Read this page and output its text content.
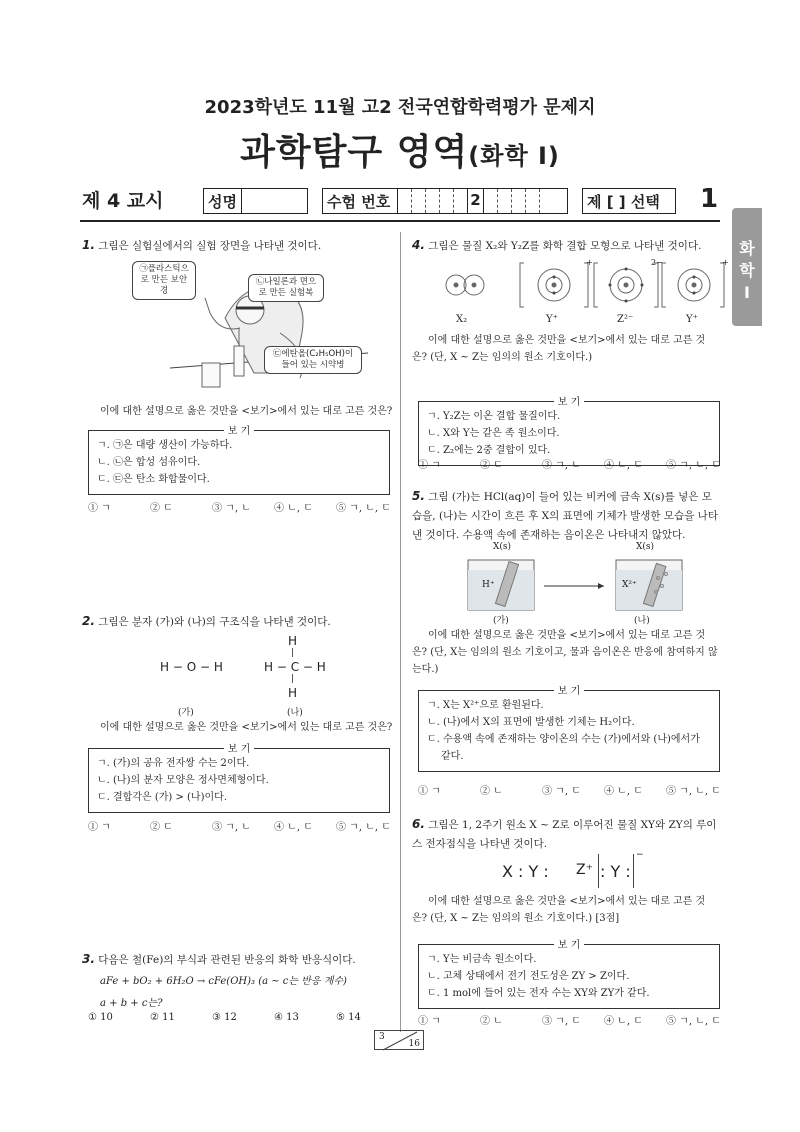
2023학년도 11월 고2 전국연합학력평가 문제지
과학탐구 영역(화학 I)
제 4 교시	성명	수험 번호	2	제 [ ] 선택	1
화
학
I
1. 그림은 실험실에서의 실험 장면을 나타낸 것이다.
㉠플라스틱으로 만든 보안경
㉡나일론과 면으로 만든 실험복
㉢에탄올(C₂H₅OH)이 들어 있는 시약병
이에 대한 설명으로 옳은 것만을 <보기>에서 있는 대로 고른 것은?
보 기
ㄱ. ㉠은 대량 생산이 가능하다.
ㄴ. ㉡은 합성 섬유이다.
ㄷ. ㉢은 탄소 화합물이다.
① ㄱ	② ㄷ	③ ㄱ, ㄴ	④ ㄴ, ㄷ	⑤ ㄱ, ㄴ, ㄷ
2. 그림은 분자 (가)와 (나)의 구조식을 나타낸 것이다.
H − O − H
H
|
H − C − H
|
H
(가)	(나)
이에 대한 설명으로 옳은 것만을 <보기>에서 있는 대로 고른 것은?
보 기
ㄱ. (가)의 공유 전자쌍 수는 2이다.
ㄴ. (나)의 분자 모양은 정사면체형이다.
ㄷ. 결합각은 (가) > (나)이다.
① ㄱ	② ㄷ	③ ㄱ, ㄴ	④ ㄴ, ㄷ	⑤ ㄱ, ㄴ, ㄷ
3. 다음은 철(Fe)의 부식과 관련된 반응의 화학 반응식이다.
aFe + bO₂ + 6H₂O → cFe(OH)₃ (a ~ c는 반응 계수)
a + b + c는?
① 10	② 11	③ 12	④ 13	⑤ 14
4. 그림은 물질 X₂와 Y₂Z를 화학 결합 모형으로 나타낸 것이다.
+	2−	+
X₂	Y⁺	Z²⁻	Y⁺
이에 대한 설명으로 옳은 것만을 <보기>에서 있는 대로 고른 것은? (단, X ~ Z는 임의의 원소 기호이다.)
보 기
ㄱ. Y₂Z는 이온 결합 물질이다.
ㄴ. X와 Y는 같은 족 원소이다.
ㄷ. Z₂에는 2중 결합이 있다.
① ㄱ	② ㄷ	③ ㄱ, ㄴ	④ ㄴ, ㄷ	⑤ ㄱ, ㄴ, ㄷ
5. 그림 (가)는 HCl(aq)이 들어 있는 비커에 금속 X(s)를 넣은 모습을, (나)는 시간이 흐른 후 X의 표면에 기체가 발생한 모습을 나타낸 것이다. 수용액 속에 존재하는 음이온은 나타내지 않았다.
X(s)	X(s)
H⁺	X²⁺
(가)	(나)
이에 대한 설명으로 옳은 것만을 <보기>에서 있는 대로 고른 것은? (단, X는 임의의 원소 기호이고, 물과 음이온은 반응에 참여하지 않는다.)
보 기
ㄱ. X는 X²⁺으로 환원된다.
ㄴ. (나)에서 X의 표면에 발생한 기체는 H₂이다.
ㄷ. 수용액 속에 존재하는 양이온의 수는 (가)에서와 (나)에서가
같다.
① ㄱ	② ㄴ	③ ㄱ, ㄷ	④ ㄴ, ㄷ	⑤ ㄱ, ㄴ, ㄷ
6. 그림은 1, 2주기 원소 X ~ Z로 이루어진 물질 XY와 ZY의 루이스 전자점식을 나타낸 것이다.
X : Y : Z⁺ : Y :
−
이에 대한 설명으로 옳은 것만을 <보기>에서 있는 대로 고른 것은? (단, X ~ Z는 임의의 원소 기호이다.) [3점]
보 기
ㄱ. Y는 비금속 원소이다.
ㄴ. 고체 상태에서 전기 전도성은 ZY > Z이다.
ㄷ. 1 mol에 들어 있는 전자 수는 XY와 ZY가 같다.
① ㄱ	② ㄴ	③ ㄱ, ㄷ	④ ㄴ, ㄷ	⑤ ㄱ, ㄴ, ㄷ
3
16
